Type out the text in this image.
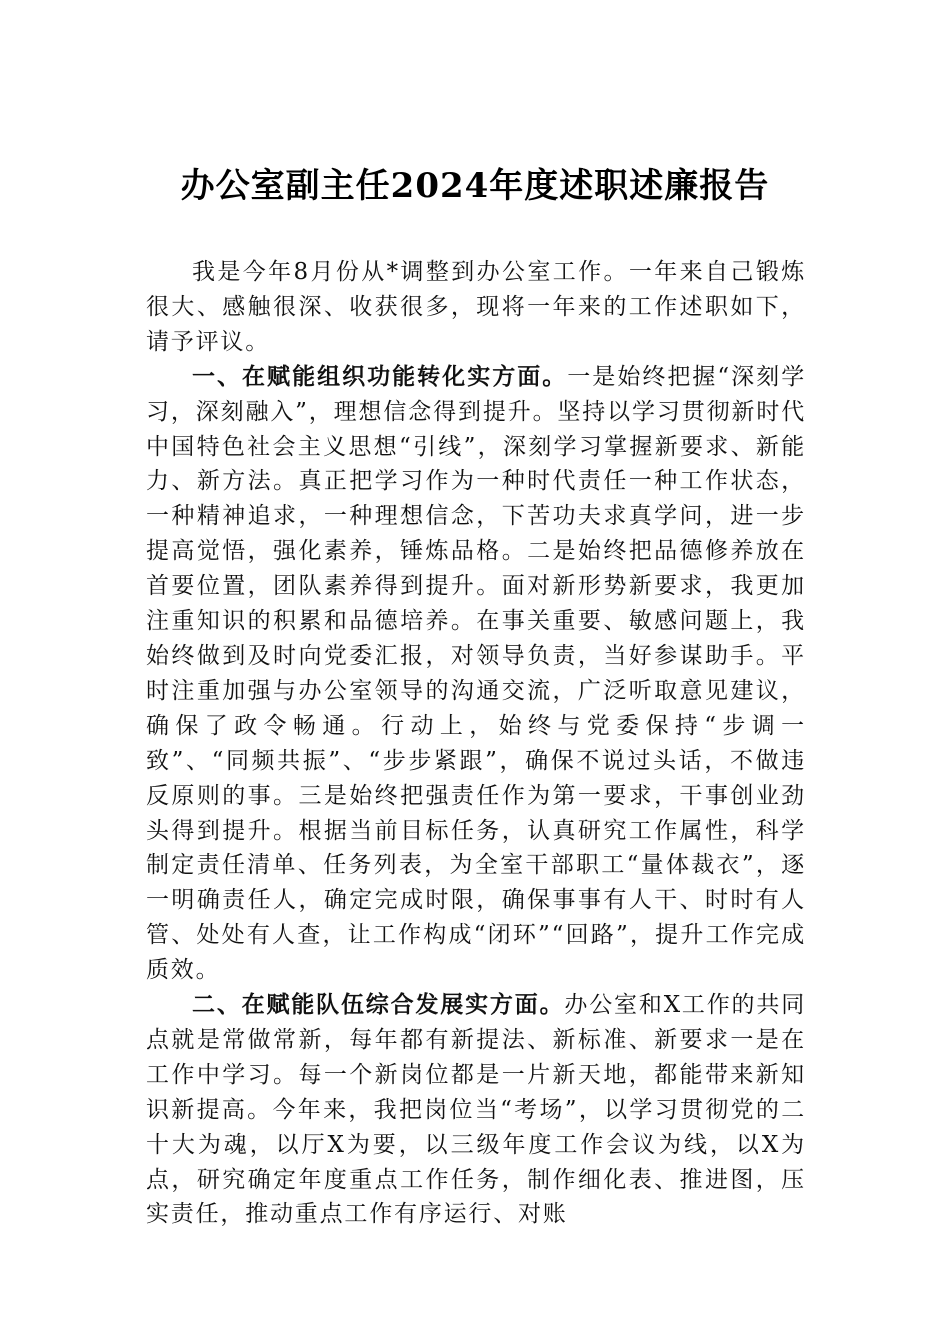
办公室副主任2024年度述职述廉报告

我是今年8月份从*调整到办公室工作。一年来自己锻炼很大、感触很深、收获很多，现将一年来的工作述职如下，请予评议。

一、在赋能组织功能转化实方面。一是始终把握“深刻学习，深刻融入”，理想信念得到提升。坚持以学习贯彻新时代中国特色社会主义思想“引线”，深刻学习掌握新要求、新能力、新方法。真正把学习作为一种时代责任一种工作状态，一种精神追求，一种理想信念，下苦功夫求真学问，进一步提高觉悟，强化素养，锤炼品格。二是始终把品德修养放在首要位置，团队素养得到提升。面对新形势新要求，我更加注重知识的积累和品德培养。在事关重要、敏感问题上，我始终做到及时向党委汇报，对领导负责，当好参谋助手。平时注重加强与办公室领导的沟通交流，广泛听取意见建议，确保了政令畅通。行动上，始终与党委保持“步调一致”、“同频共振”、“步步紧跟”，确保不说过头话，不做违反原则的事。三是始终把强责任作为第一要求，干事创业劲头得到提升。根据当前目标任务，认真研究工作属性，科学制定责任清单、任务列表，为全室干部职工“量体裁衣”，逐一明确责任人，确定完成时限，确保事事有人干、时时有人管、处处有人查，让工作构成“闭环”“回路”，提升工作完成质效。

二、在赋能队伍综合发展实方面。办公室和X工作的共同点就是常做常新，每年都有新提法、新标准、新要求一是在工作中学习。每一个新岗位都是一片新天地，都能带来新知识新提高。今年来，我把岗位当“考场”，以学习贯彻党的二十大为魂，以厅X为要，以三级年度工作会议为线，以X为点，研究确定年度重点工作任务，制作细化表、推进图，压实责任，推动重点工作有序运行、对账
